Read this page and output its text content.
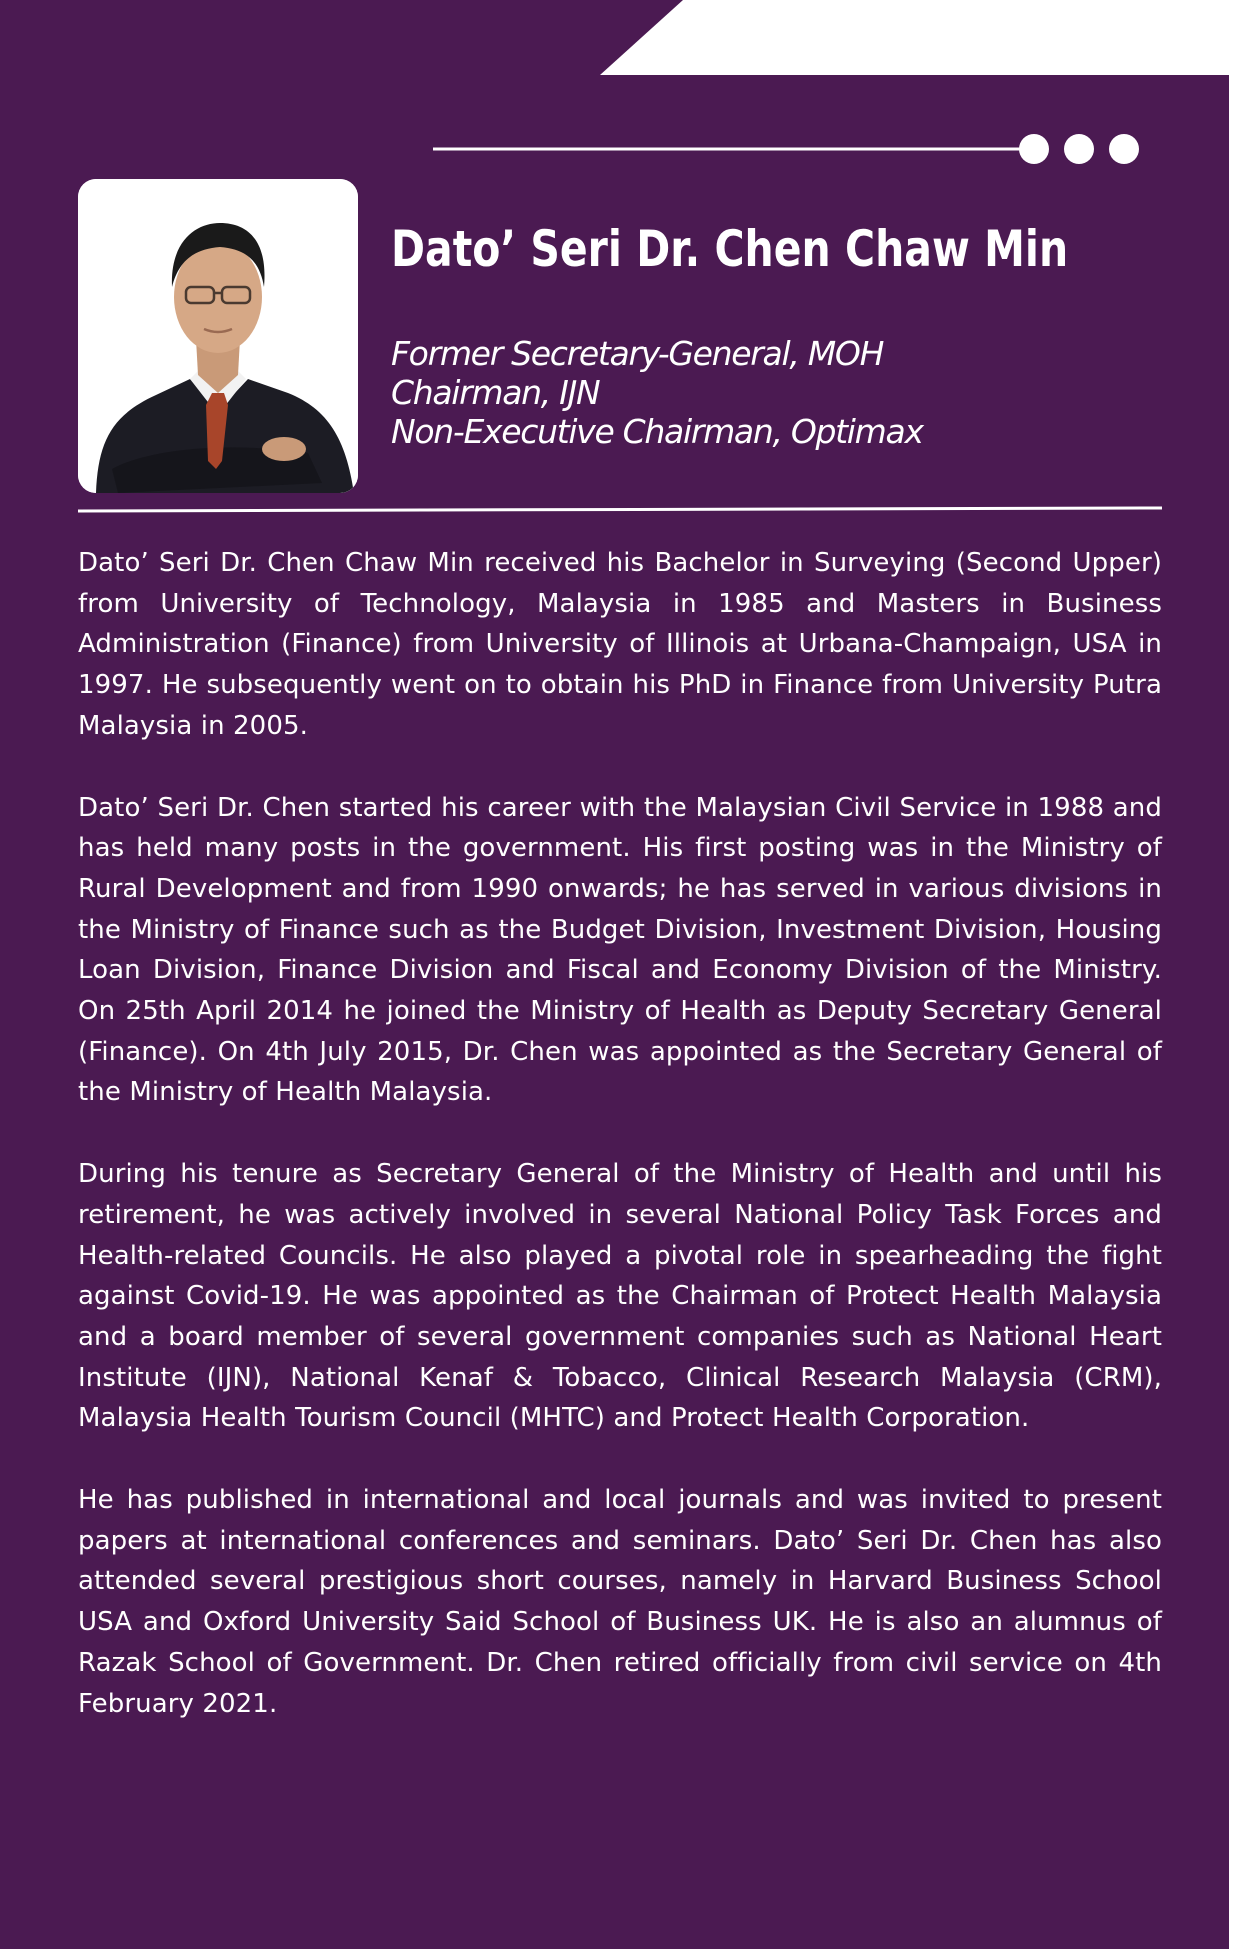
Dato’ Seri Dr. Chen Chaw Min
Former Secretary-General, MOH
Chairman, IJN
Non-Executive Chairman, Optimax

Dato’ Seri Dr. Chen Chaw Min received his Bachelor in Surveying (Second Upper) from University of Technology, Malaysia in 1985 and Masters in Business Administration (Finance) from University of Illinois at Urbana-Champaign, USA in 1997. He subsequently went on to obtain his PhD in Finance from University Putra Malaysia in 2005.

Dato’ Seri Dr. Chen started his career with the Malaysian Civil Service in 1988 and has held many posts in the government. His first posting was in the Ministry of Rural Development and from 1990 onwards; he has served in various divisions in the Ministry of Finance such as the Budget Division, Investment Division, Housing Loan Division, Finance Division and Fiscal and Economy Division of the Ministry. On 25th April 2014 he joined the Ministry of Health as Deputy Secretary General (Finance). On 4th July 2015, Dr. Chen was appointed as the Secretary General of the Ministry of Health Malaysia.

During his tenure as Secretary General of the Ministry of Health and until his retirement, he was actively involved in several National Policy Task Forces and Health-related Councils. He also played a pivotal role in spearheading the fight against Covid-19. He was appointed as the Chairman of Protect Health Malaysia and a board member of several government companies such as National Heart Institute (IJN), National Kenaf & Tobacco, Clinical Research Malaysia (CRM), Malaysia Health Tourism Council (MHTC) and Protect Health Corporation.

He has published in international and local journals and was invited to present papers at international conferences and seminars. Dato’ Seri Dr. Chen has also attended several prestigious short courses, namely in Harvard Business School USA and Oxford University Said School of Business UK. He is also an alumnus of Razak School of Government. Dr. Chen retired officially from civil service on 4th February 2021.
